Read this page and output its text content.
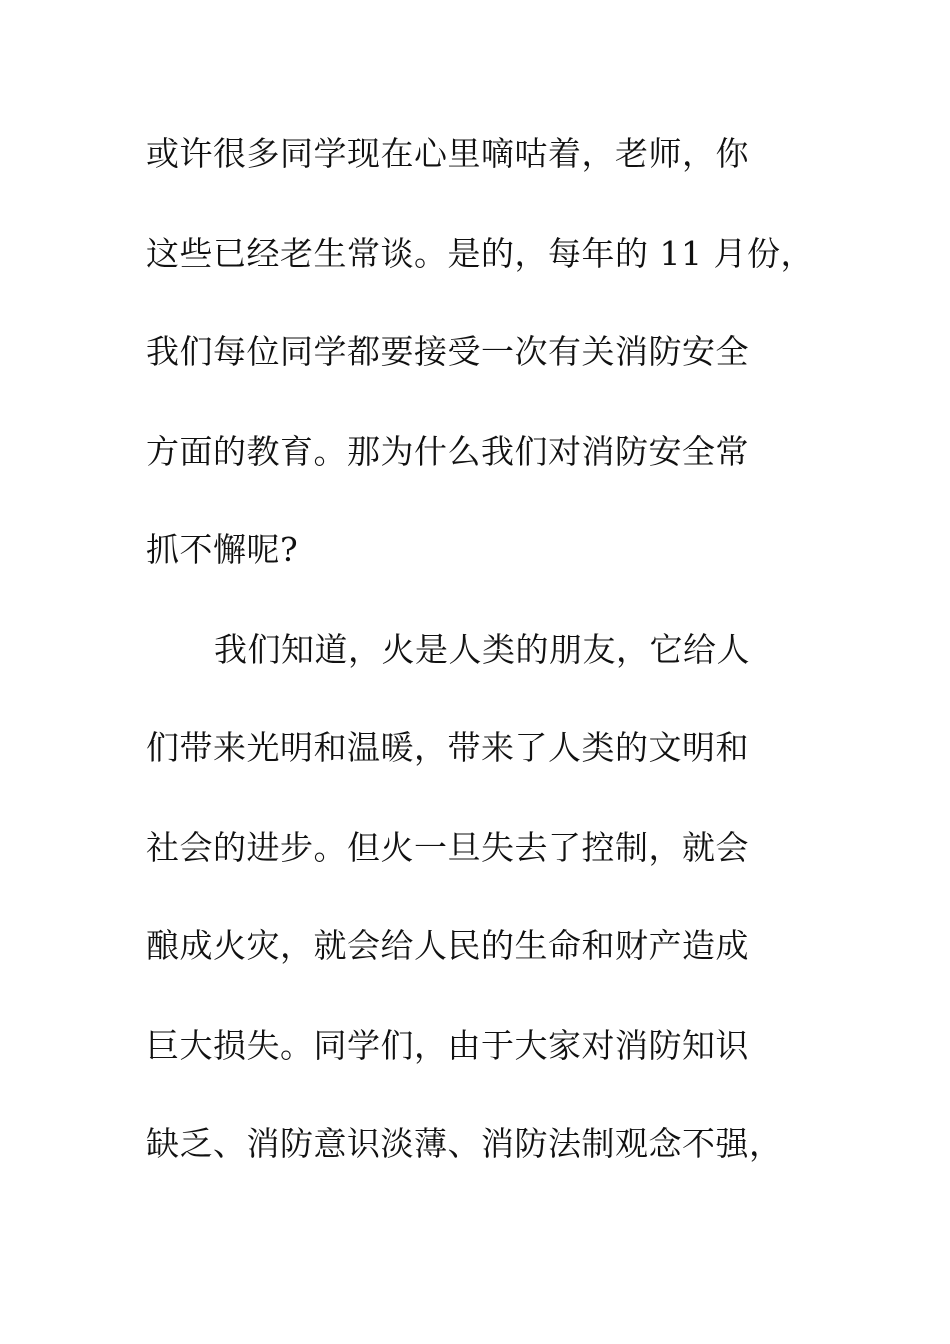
或许很多同学现在心里嘀咕着，老师，你
这些已经老生常谈。是的，每年的 11 月份，
我们每位同学都要接受一次有关消防安全
方面的教育。那为什么我们对消防安全常
抓不懈呢?
我们知道，火是人类的朋友，它给人
们带来光明和温暖，带来了人类的文明和
社会的进步。但火一旦失去了控制，就会
酿成火灾，就会给人民的生命和财产造成
巨大损失。同学们，由于大家对消防知识
缺乏、消防意识淡薄、消防法制观念不强，
